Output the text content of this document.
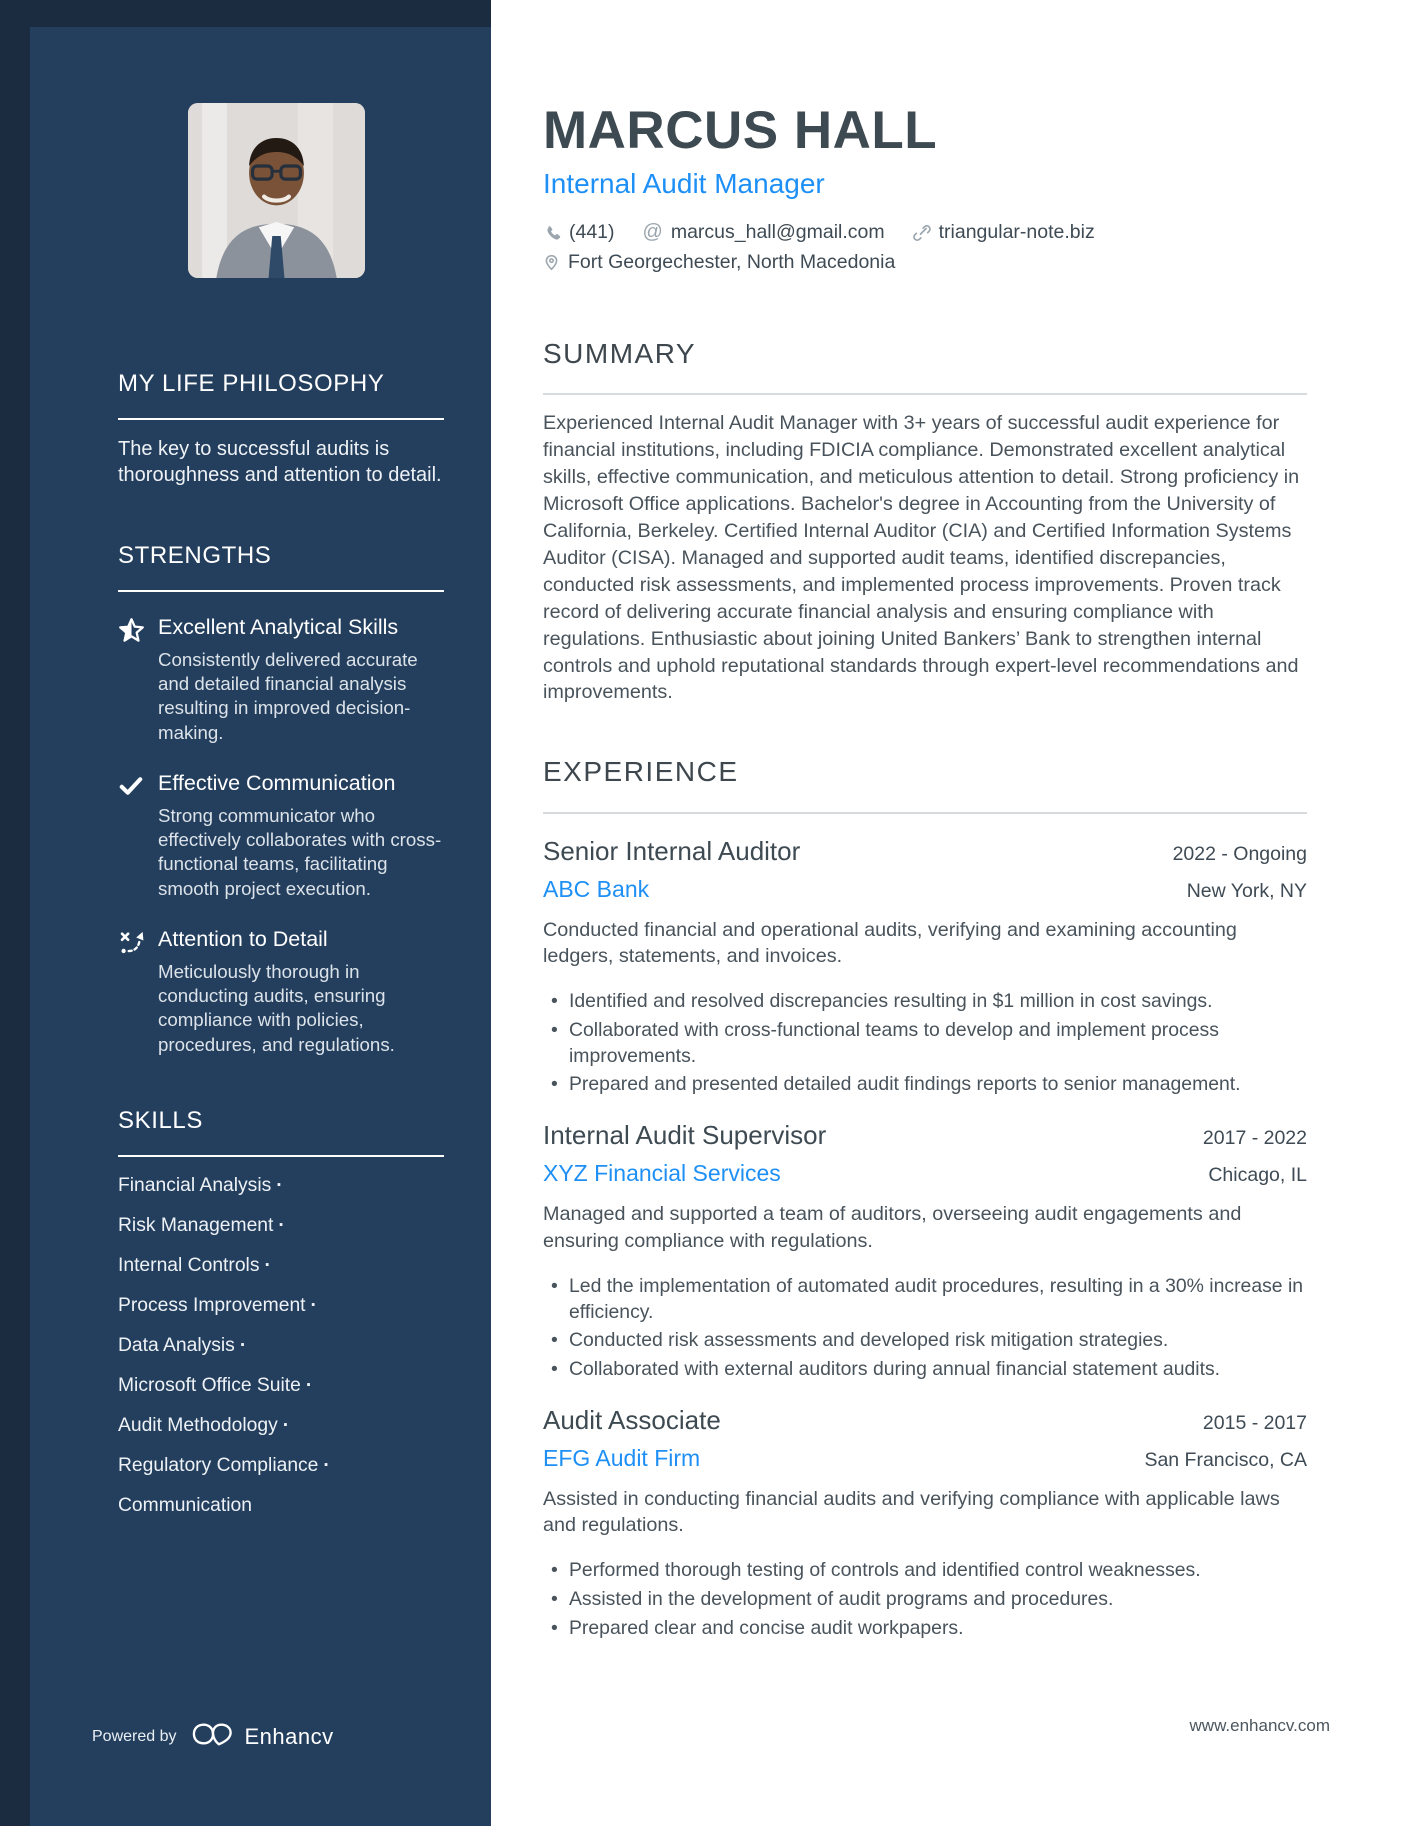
MY LIFE PHILOSOPHY

The key to successful audits is thoroughness and attention to detail.

STRENGTHS
Excellent Analytical Skills
Consistently delivered accurate and detailed financial analysis resulting in improved decision-making.
Effective Communication
Strong communicator who effectively collaborates with cross-functional teams, facilitating smooth project execution.
Attention to Detail
Meticulously thorough in conducting audits, ensuring compliance with policies, procedures, and regulations.
SKILLS
Financial Analysis ·
Risk Management ·
Internal Controls ·
Process Improvement ·
Data Analysis ·
Microsoft Office Suite ·
Audit Methodology ·
Regulatory Compliance ·
Communication
Powered by	Enhancv
MARCUS HALL
Internal Audit Manager
(441) @ marcus_hall@gmail.com	triangular-note.biz
Fort Georgechester, North Macedonia
SUMMARY

Experienced Internal Audit Manager with 3+ years of successful audit experience for financial institutions, including FDICIA compliance. Demonstrated excellent analytical skills, effective communication, and meticulous attention to detail. Strong proficiency in Microsoft Office applications. Bachelor's degree in Accounting from the University of California, Berkeley. Certified Internal Auditor (CIA) and Certified Information Systems Auditor (CISA). Managed and supported audit teams, identified discrepancies, conducted risk assessments, and implemented process improvements. Proven track record of delivering accurate financial analysis and ensuring compliance with regulations. Enthusiastic about joining United Bankers’ Bank to strengthen internal controls and uphold reputational standards through expert-level recommendations and improvements.

EXPERIENCE
Senior Internal Auditor	2022 - Ongoing
ABC Bank	New York, NY

Conducted financial and operational audits, verifying and examining accounting ledgers, statements, and invoices.

• Identified and resolved discrepancies resulting in $1 million in cost savings.
• Collaborated with cross-functional teams to develop and implement process improvements.
• Prepared and presented detailed audit findings reports to senior management.
Internal Audit Supervisor	2017 - 2022
XYZ Financial Services	Chicago, IL

Managed and supported a team of auditors, overseeing audit engagements and ensuring compliance with regulations.

• Led the implementation of automated audit procedures, resulting in a 30% increase in efficiency.
• Conducted risk assessments and developed risk mitigation strategies.
• Collaborated with external auditors during annual financial statement audits.
Audit Associate	2015 - 2017
EFG Audit Firm	San Francisco, CA

Assisted in conducting financial audits and verifying compliance with applicable laws and regulations.

• Performed thorough testing of controls and identified control weaknesses.
• Assisted in the development of audit programs and procedures.
• Prepared clear and concise audit workpapers.
www.enhancv.com
